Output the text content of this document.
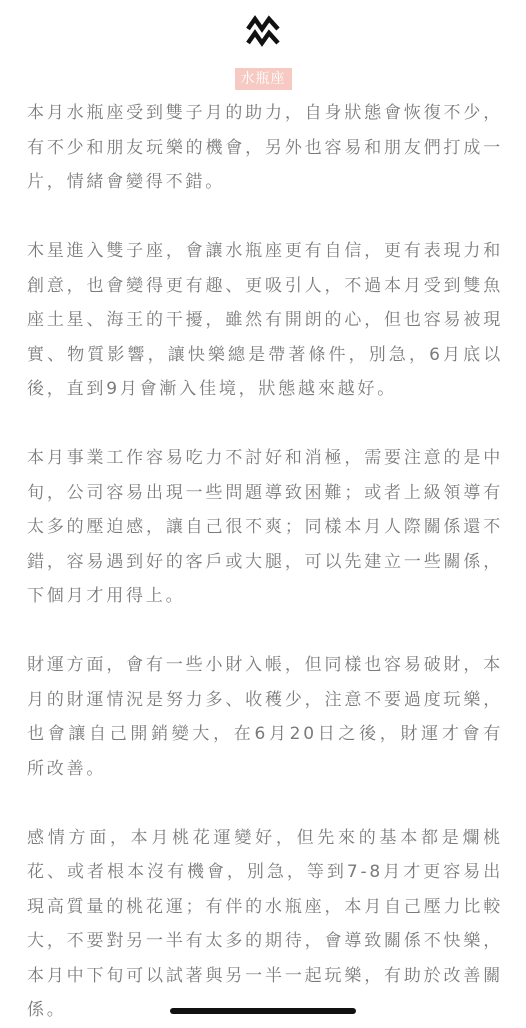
水瓶座

本月水瓶座受到雙子月的助力，自身狀態會恢復不少，有不少和朋友玩樂的機會，另外也容易和朋友們打成一片，情緒會變得不錯。

木星進入雙子座，會讓水瓶座更有自信，更有表現力和創意，也會變得更有趣、更吸引人，不過本月受到雙魚座土星、海王的干擾，雖然有開朗的心，但也容易被現實、物質影響，讓快樂總是帶著條件，別急，6月底以後，直到9月會漸入佳境，狀態越來越好。

本月事業工作容易吃力不討好和消極，需要注意的是中旬，公司容易出現一些問題導致困難；或者上級領導有太多的壓迫感，讓自己很不爽；同樣本月人際關係還不錯，容易遇到好的客戶或大腿，可以先建立一些關係，下個月才用得上。

財運方面，會有一些小財入帳，但同樣也容易破財，本月的財運情況是努力多、收穫少，注意不要過度玩樂，也會讓自己開銷變大，在6月20日之後，財運才會有所改善。

感情方面，本月桃花運變好，但先來的基本都是爛桃花、或者根本沒有機會，別急，等到7-8月才更容易出現高質量的桃花運；有伴的水瓶座，本月自己壓力比較大，不要對另一半有太多的期待，會導致關係不快樂，本月中下旬可以試著與另一半一起玩樂，有助於改善關係。
